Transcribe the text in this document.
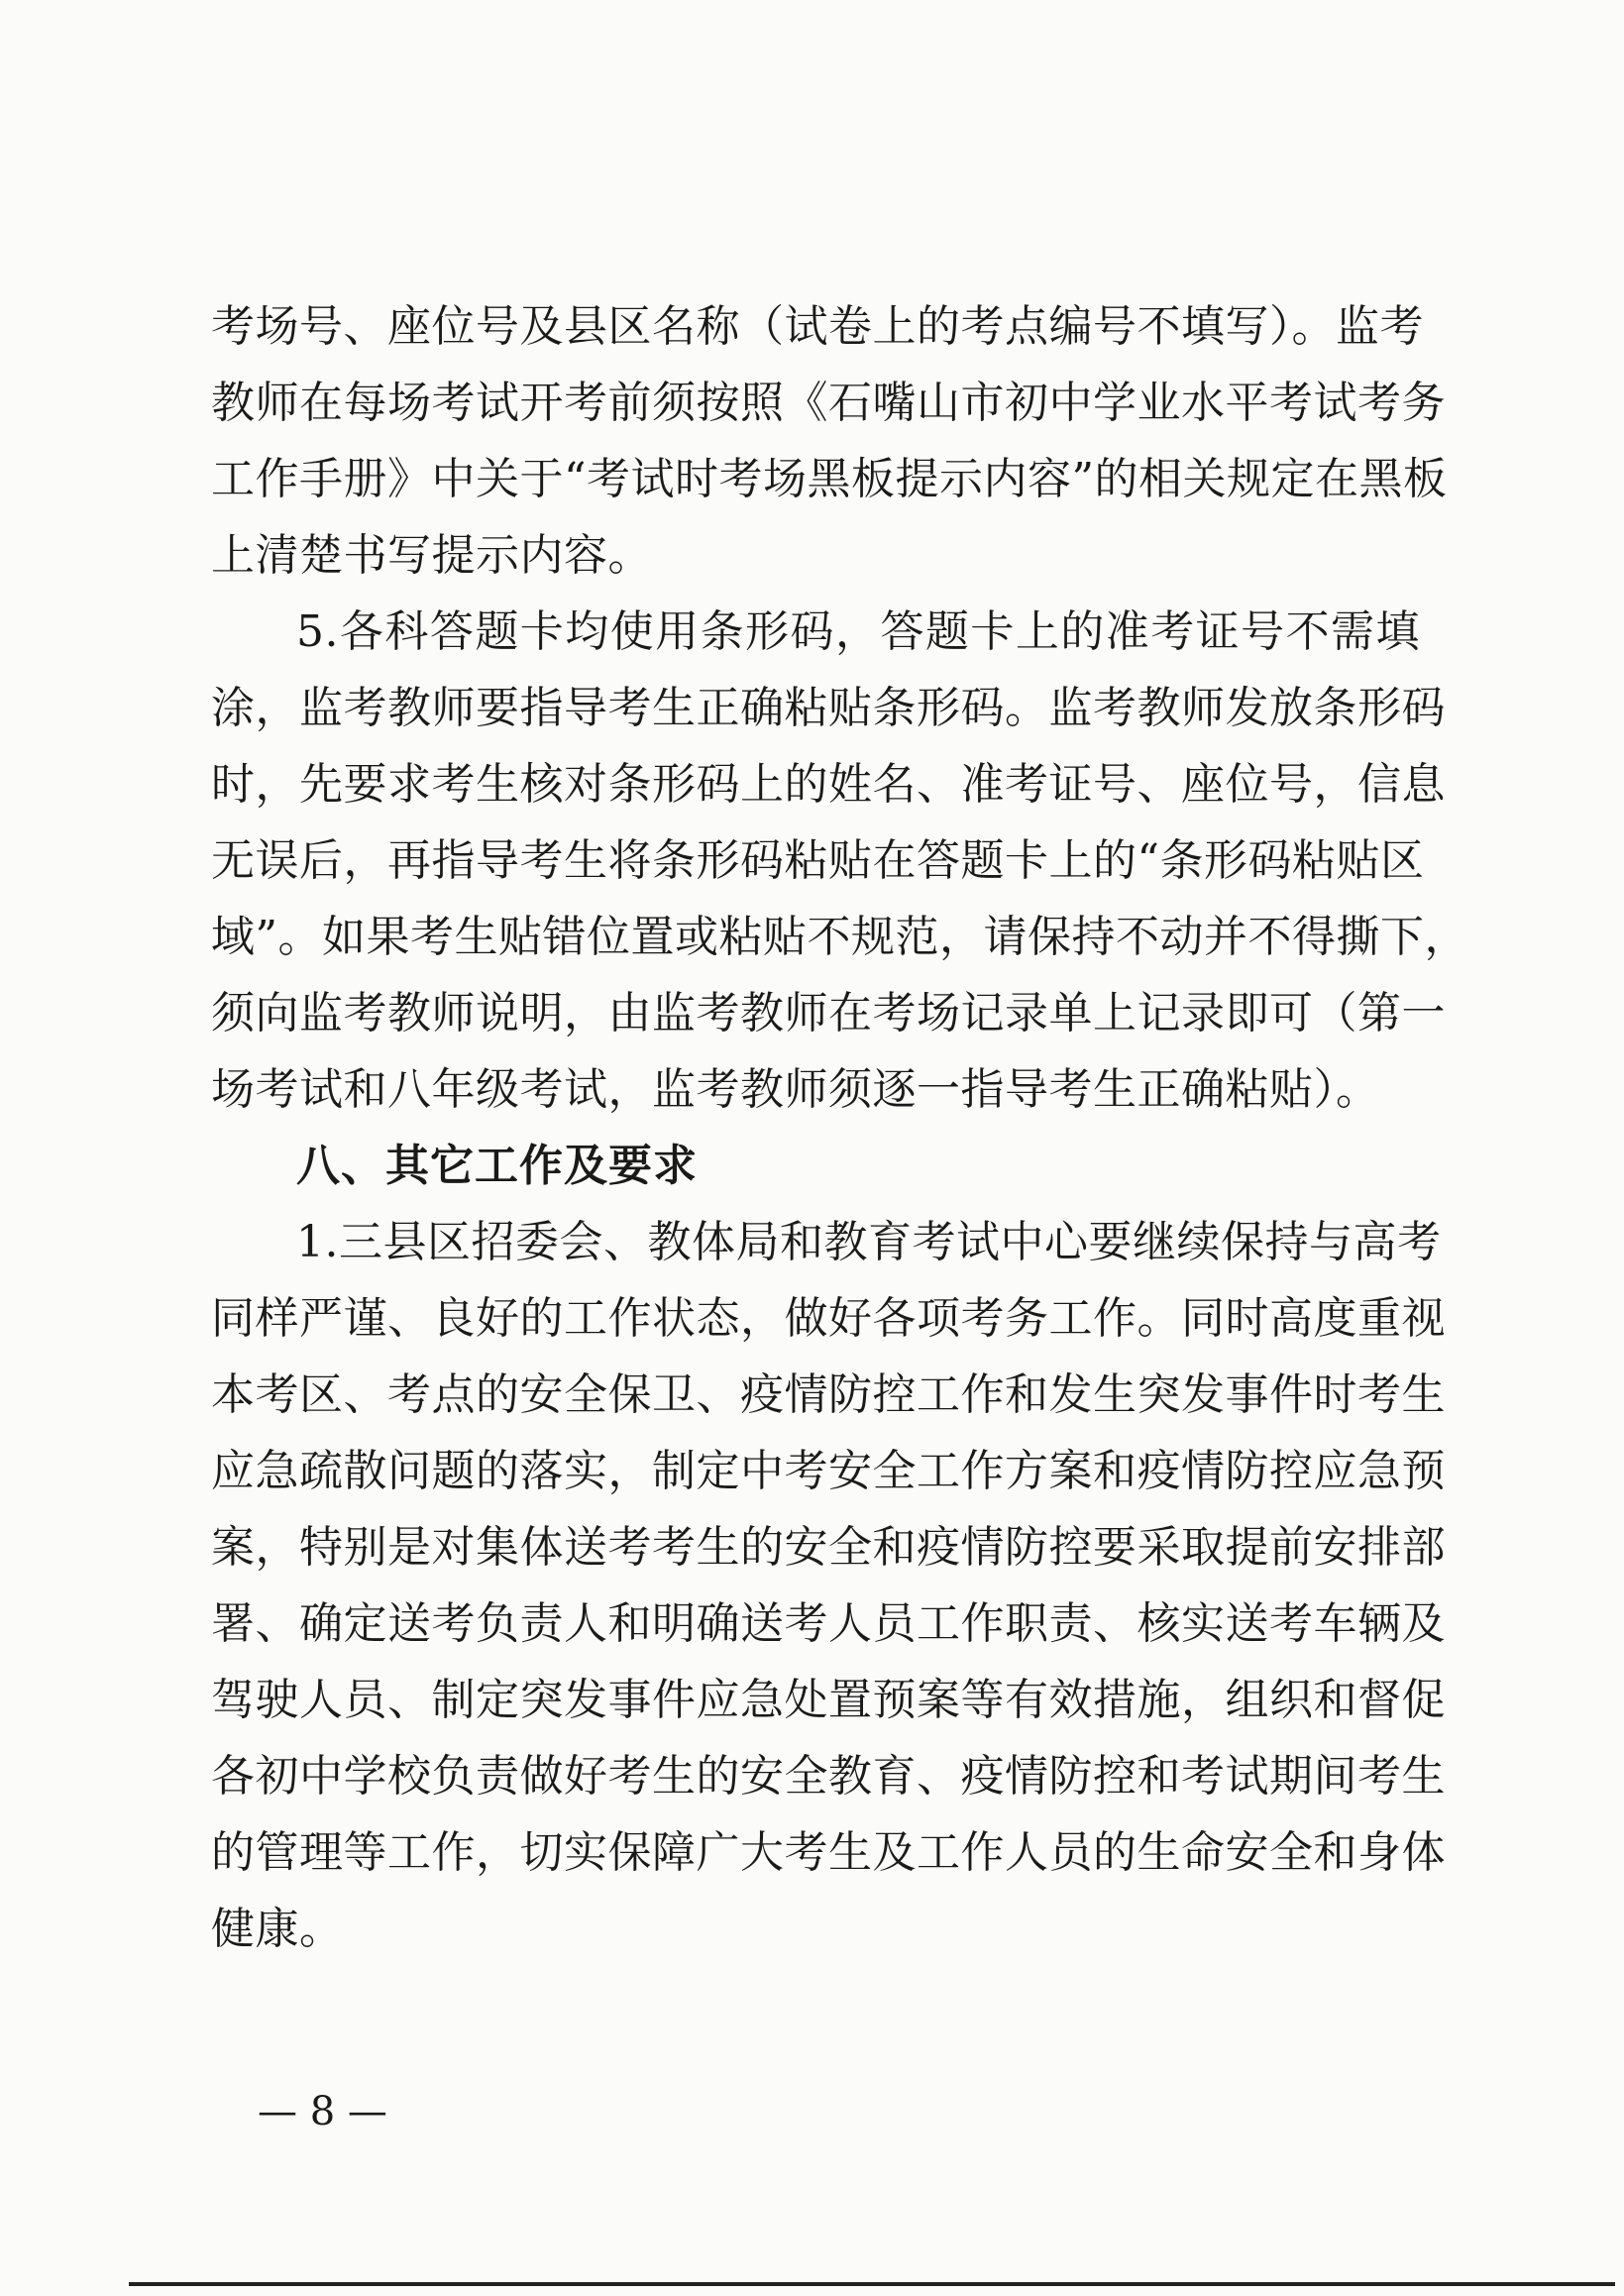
考场号、座位号及县区名称（试卷上的考点编号不填写）。监考
教师在每场考试开考前须按照《石嘴山市初中学业水平考试考务
工作手册》中关于“考试时考场黑板提示内容”的相关规定在黑板
上清楚书写提示内容。
5.各科答题卡均使用条形码，答题卡上的准考证号不需填
涂，监考教师要指导考生正确粘贴条形码。监考教师发放条形码
时，先要求考生核对条形码上的姓名、准考证号、座位号，信息
无误后，再指导考生将条形码粘贴在答题卡上的“条形码粘贴区
域”。如果考生贴错位置或粘贴不规范，请保持不动并不得撕下，
须向监考教师说明，由监考教师在考场记录单上记录即可（第一
场考试和八年级考试，监考教师须逐一指导考生正确粘贴）。
八、其它工作及要求
1.三县区招委会、教体局和教育考试中心要继续保持与高考
同样严谨、良好的工作状态，做好各项考务工作。同时高度重视
本考区、考点的安全保卫、疫情防控工作和发生突发事件时考生
应急疏散问题的落实，制定中考安全工作方案和疫情防控应急预
案，特别是对集体送考考生的安全和疫情防控要采取提前安排部
署、确定送考负责人和明确送考人员工作职责、核实送考车辆及
驾驶人员、制定突发事件应急处置预案等有效措施，组织和督促
各初中学校负责做好考生的安全教育、疫情防控和考试期间考生
的管理等工作，切实保障广大考生及工作人员的生命安全和身体
健康。
— 8 —
